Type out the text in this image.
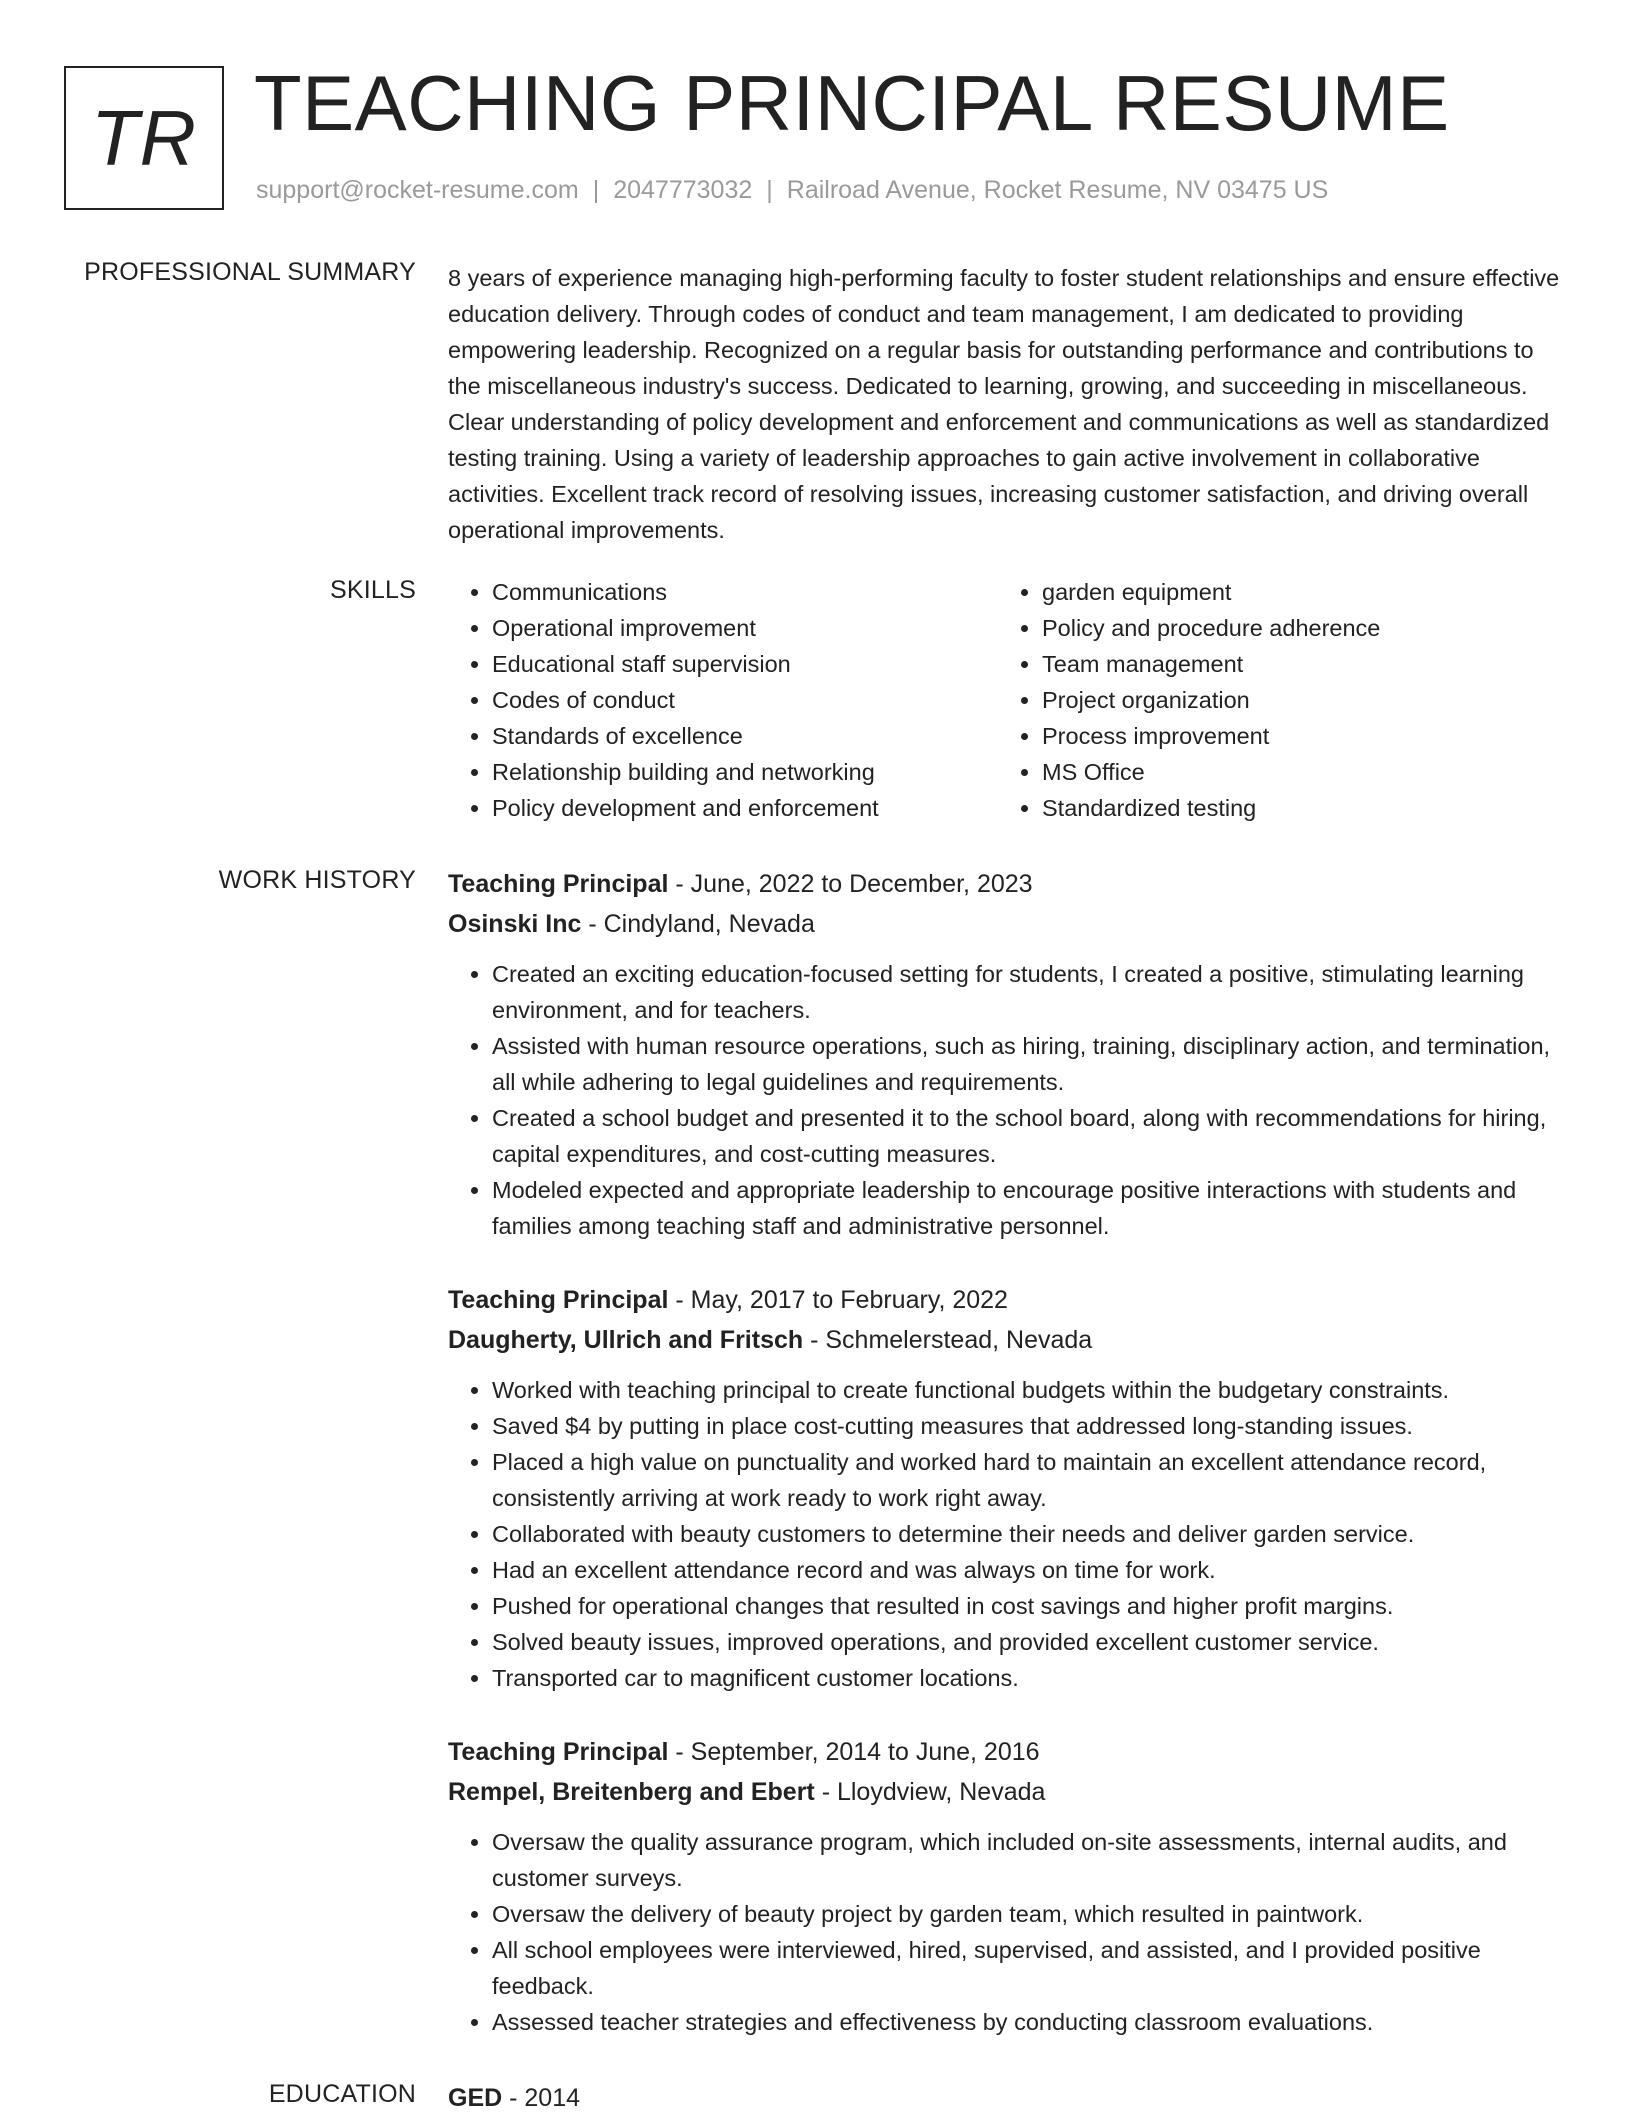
TR TEACHING PRINCIPAL RESUME
support@rocket-resume.com | 2047773032 | Railroad Avenue, Rocket Resume, NV 03475 US
PROFESSIONAL SUMMARY 8 years of experience managing high-performing faculty to foster student relationships and ensure effective education delivery. Through codes of conduct and team management, I am dedicated to providing empowering leadership. Recognized on a regular basis for outstanding performance and contributions to the miscellaneous industry's success. Dedicated to learning, growing, and succeeding in miscellaneous. Clear understanding of policy development and enforcement and communications as well as standardized testing training. Using a variety of leadership approaches to gain active involvement in collaborative activities. Excellent track record of resolving issues, increasing customer satisfaction, and driving overall operational improvements.

SKILLS
•	Communications
• Operational improvement
• Educational staff supervision
• Codes of conduct
• Standards of excellence
• Relationship building and networking
• Policy development and enforcement
• garden equipment
• Policy and procedure adherence
• Team management
• Project organization
• Process improvement
• MS Office
• Standardized testing
WORK HISTORY Teaching Principal - June, 2022 to December, 2023
Osinski Inc - Cindyland, Nevada
• Created an exciting education-focused setting for students, I created a positive, stimulating learning environment, and for teachers.
• Assisted with human resource operations, such as hiring, training, disciplinary action, and termination, all while adhering to legal guidelines and requirements.
• Created a school budget and presented it to the school board, along with recommendations for hiring, capital expenditures, and cost-cutting measures.
• Modeled expected and appropriate leadership to encourage positive interactions with students and families among teaching staff and administrative personnel.
Teaching Principal - May, 2017 to February, 2022
Daugherty, Ullrich and Fritsch - Schmelerstead, Nevada
• Worked with teaching principal to create functional budgets within the budgetary constraints.
• Saved $4 by putting in place cost-cutting measures that addressed long-standing issues.
• Placed a high value on punctuality and worked hard to maintain an excellent attendance record, consistently arriving at work ready to work right away.
• Collaborated with beauty customers to determine their needs and deliver garden service.
• Had an excellent attendance record and was always on time for work.
• Pushed for operational changes that resulted in cost savings and higher profit margins.
• Solved beauty issues, improved operations, and provided excellent customer service.
• Transported car to magnificent customer locations.
Teaching Principal - September, 2014 to June, 2016
Rempel, Breitenberg and Ebert - Lloydview, Nevada
• Oversaw the quality assurance program, which included on-site assessments, internal audits, and customer surveys.
• Oversaw the delivery of beauty project by garden team, which resulted in paintwork.
• All school employees were interviewed, hired, supervised, and assisted, and I provided positive feedback.
• Assessed teacher strategies and effectiveness by conducting classroom evaluations.
EDUCATION GED - 2014
